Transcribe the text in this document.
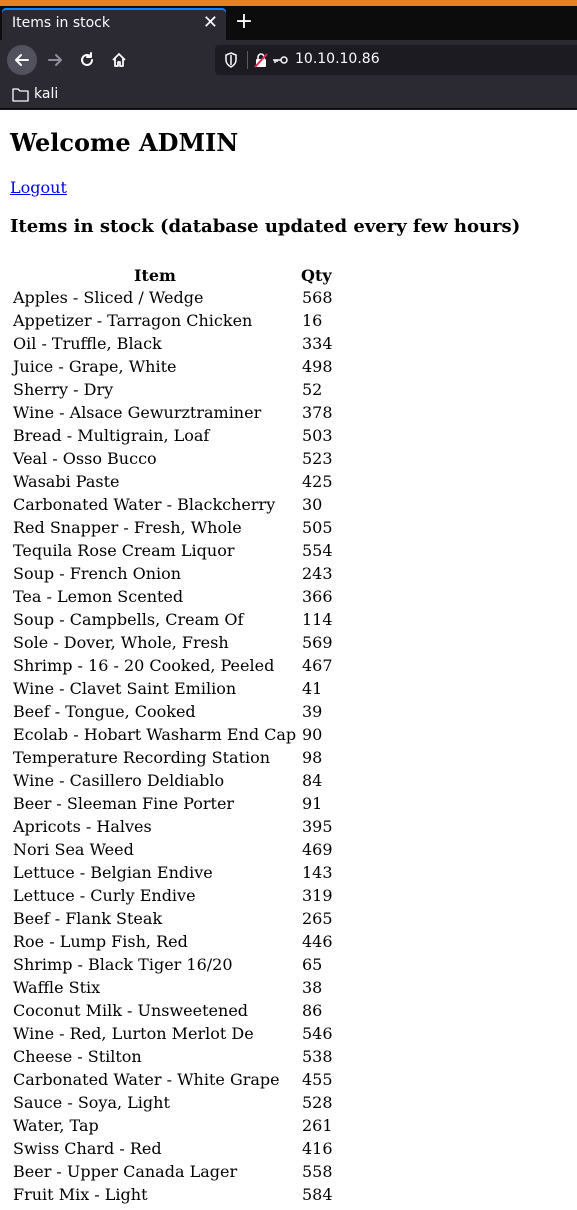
Items in stock	✕ +
10.10.10.86
kali
Welcome ADMIN
Logout
Items in stock (database updated every few hours)
Item	Qty
Apples - Sliced / Wedge	568
Appetizer - Tarragon Chicken	16
Oil - Truffle, Black	334
Juice - Grape, White	498
Sherry - Dry	52
Wine - Alsace Gewurztraminer	378
Bread - Multigrain, Loaf	503
Veal - Osso Bucco	523
Wasabi Paste	425
Carbonated Water - Blackcherry	30
Red Snapper - Fresh, Whole	505
Tequila Rose Cream Liquor	554
Soup - French Onion	243
Tea - Lemon Scented	366
Soup - Campbells, Cream Of	114
Sole - Dover, Whole, Fresh	569
Shrimp - 16 - 20 Cooked, Peeled	467
Wine - Clavet Saint Emilion	41
Beef - Tongue, Cooked	39
Ecolab - Hobart Washarm End Cap	90
Temperature Recording Station	98
Wine - Casillero Deldiablo	84
Beer - Sleeman Fine Porter	91
Apricots - Halves	395
Nori Sea Weed	469
Lettuce - Belgian Endive	143
Lettuce - Curly Endive	319
Beef - Flank Steak	265
Roe - Lump Fish, Red	446
Shrimp - Black Tiger 16/20	65
Waffle Stix	38
Coconut Milk - Unsweetened	86
Wine - Red, Lurton Merlot De	546
Cheese - Stilton	538
Carbonated Water - White Grape	455
Sauce - Soya, Light	528
Water, Tap	261
Swiss Chard - Red	416
Beer - Upper Canada Lager	558
Fruit Mix - Light	584
